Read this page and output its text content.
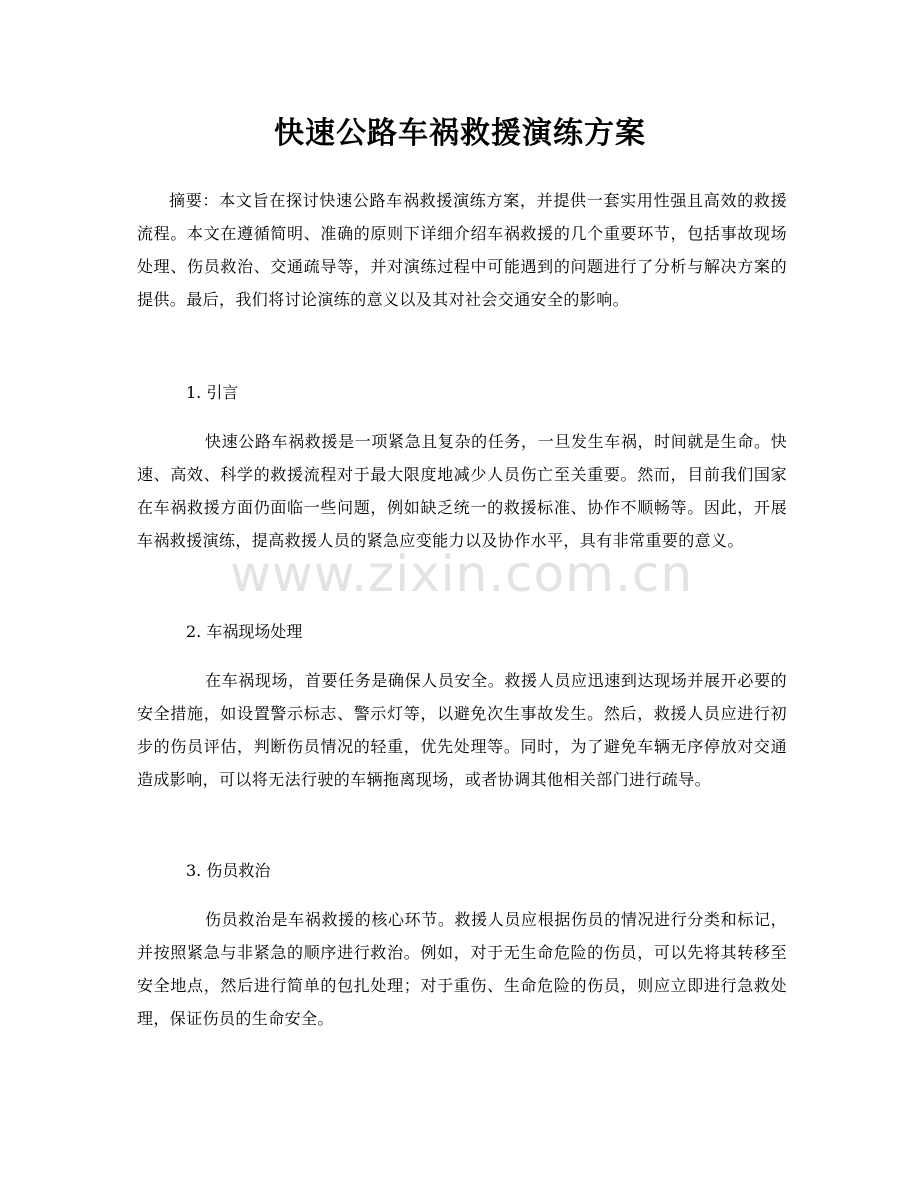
www.zixin.com.cn
快速公路车祸救援演练方案

摘要：本文旨在探讨快速公路车祸救援演练方案，并提供一套实用性强且高效的救援流程。本文在遵循简明、准确的原则下详细介绍车祸救援的几个重要环节，包括事故现场处理、伤员救治、交通疏导等，并对演练过程中可能遇到的问题进行了分析与解决方案的提供。最后，我们将讨论演练的意义以及其对社会交通安全的影响。

1. 引言

快速公路车祸救援是一项紧急且复杂的任务，一旦发生车祸，时间就是生命。快速、高效、科学的救援流程对于最大限度地减少人员伤亡至关重要。然而，目前我们国家在车祸救援方面仍面临一些问题，例如缺乏统一的救援标准、协作不顺畅等。因此，开展车祸救援演练，提高救援人员的紧急应变能力以及协作水平，具有非常重要的意义。

2. 车祸现场处理

在车祸现场，首要任务是确保人员安全。救援人员应迅速到达现场并展开必要的安全措施，如设置警示标志、警示灯等，以避免次生事故发生。然后，救援人员应进行初步的伤员评估，判断伤员情况的轻重，优先处理等。同时，为了避免车辆无序停放对交通造成影响，可以将无法行驶的车辆拖离现场，或者协调其他相关部门进行疏导。

3. 伤员救治

伤员救治是车祸救援的核心环节。救援人员应根据伤员的情况进行分类和标记，并按照紧急与非紧急的顺序进行救治。例如，对于无生命危险的伤员，可以先将其转移至安全地点，然后进行简单的包扎处理；对于重伤、生命危险的伤员，则应立即进行急救处理，保证伤员的生命安全。
